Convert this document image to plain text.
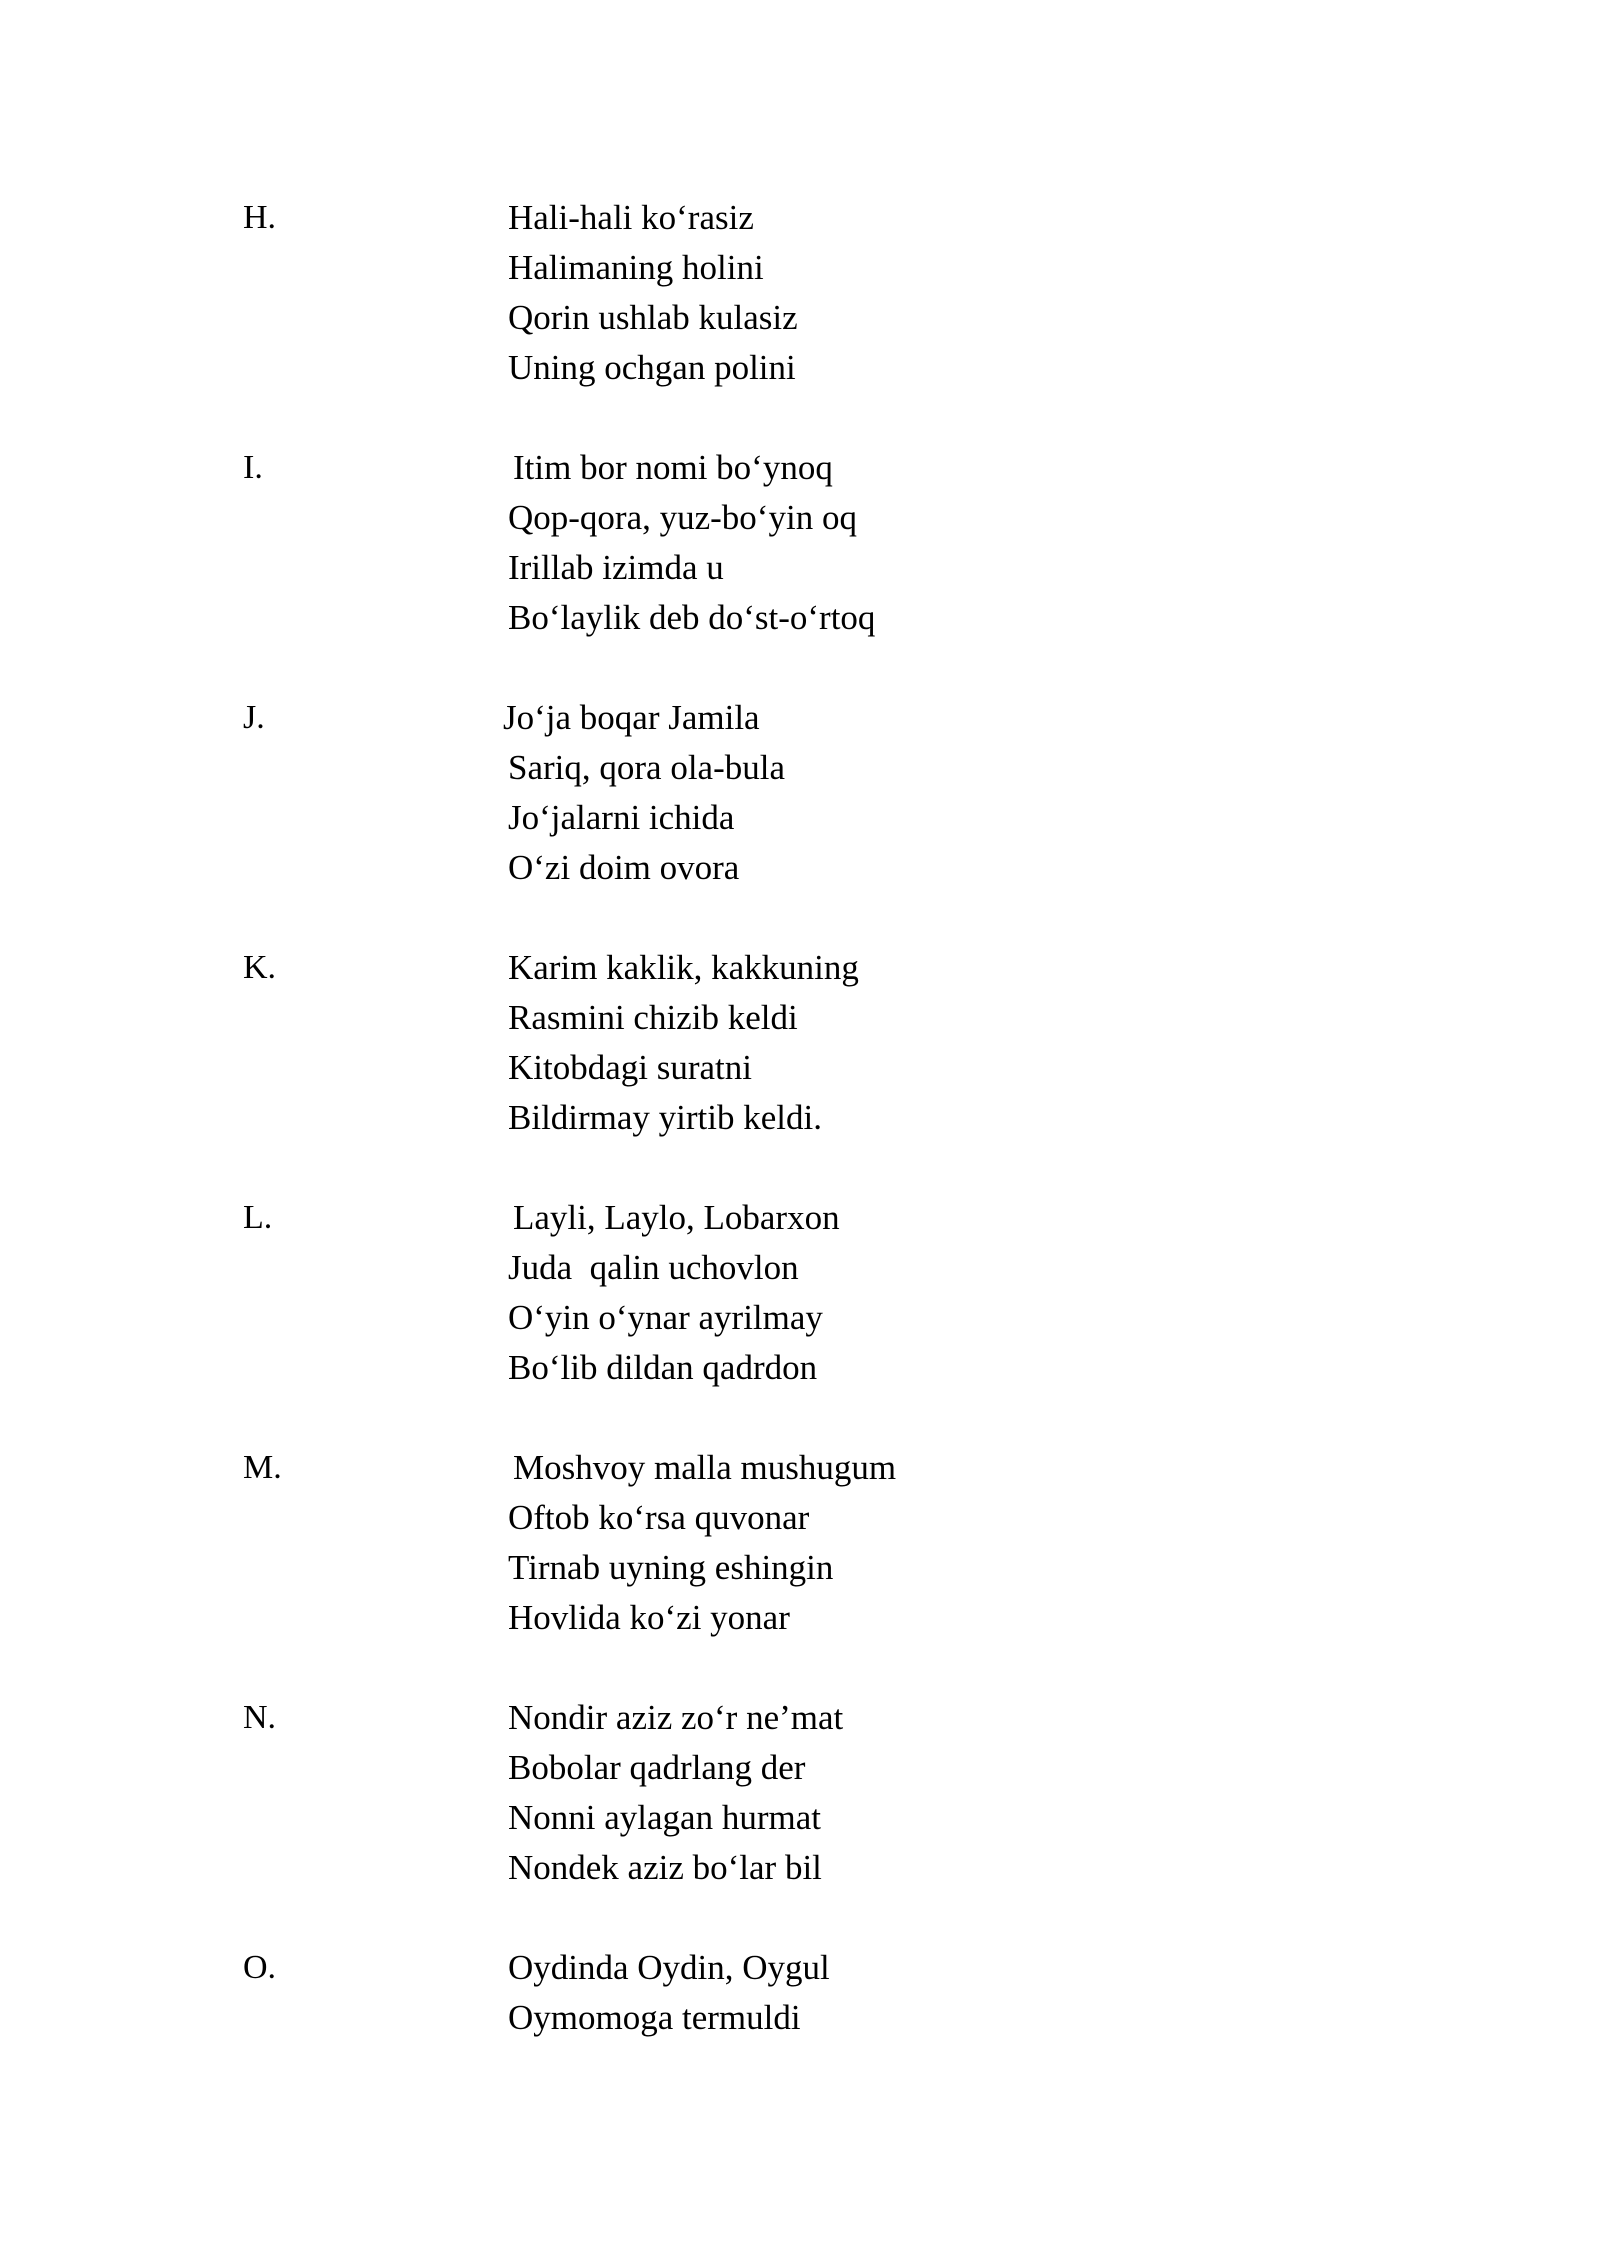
H.	Hali-hali ko‘rasiz
Halimaning holini
Qorin ushlab kulasiz
Uning ochgan polini

I.	Itim bor nomi bo‘ynoq
Qop-qora, yuz-bo‘yin oq
Irillab izimda u
Bo‘laylik deb do‘st-o‘rtoq

J.	Jo‘ja boqar Jamila
Sariq, qora ola-bula
Jo‘jalarni ichida
O‘zi doim ovora

K.	Karim kaklik, kakkuning
Rasmini chizib keldi
Kitobdagi suratni
Bildirmay yirtib keldi.

L.	Layli, Laylo, Lobarxon
Juda  qalin uchovlon
O‘yin o‘ynar ayrilmay
Bo‘lib dildan qadrdon

M.	Moshvoy malla mushugum
Oftob ko‘rsa quvonar
Tirnab uyning eshingin
Hovlida ko‘zi yonar

N.	Nondir aziz zo‘r ne’mat
Bobolar qadrlang der
Nonni aylagan hurmat
Nondek aziz bo‘lar bil

O.	Oydinda Oydin, Oygul
Oymomoga termuldi
